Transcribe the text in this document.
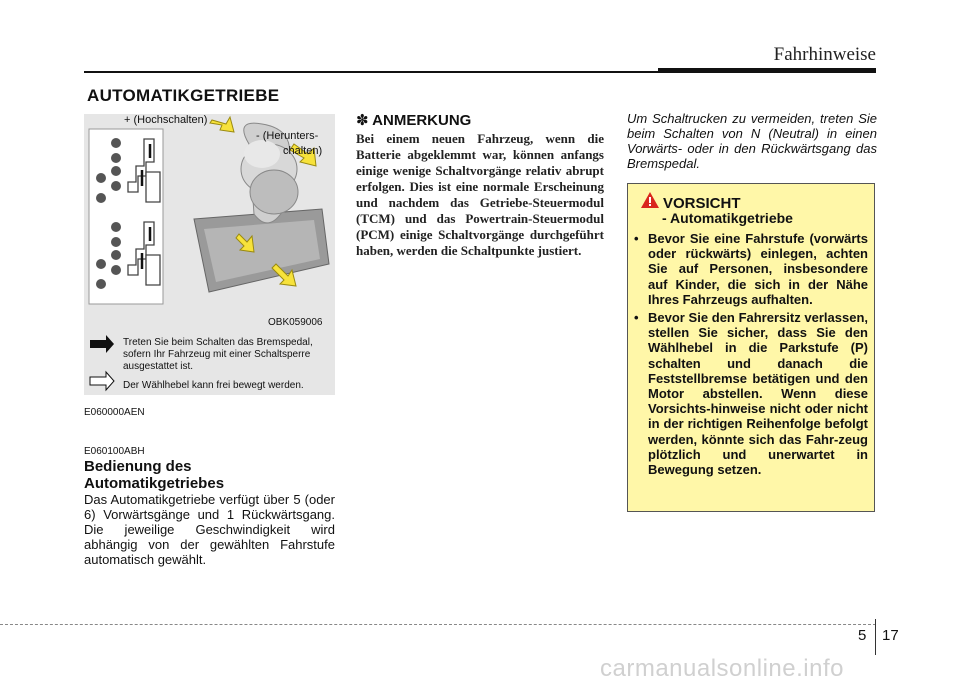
Fahrhinweise
AUTOMATIKGETRIEBE
+ (Hochschalten)
- (Herunters-
chalten)
OBK059006
Treten Sie beim Schalten das Bremspedal, sofern Ihr Fahrzeug mit einer Schaltsperre ausgestattet ist.
Der Wählhebel kann frei bewegt werden.
E060000AEN
E060100ABH
Bedienung des Automatikgetriebes
Das Automatikgetriebe verfügt über 5 (oder 6) Vorwärtsgänge und 1 Rückwärtsgang. Die jeweilige Geschwindigkeit wird abhängig von der gewählten Fahrstufe automatisch gewählt.
✽ ANMERKUNG
Bei einem neuen Fahrzeug, wenn die Batterie abgeklemmt war, können anfangs einige wenige Schaltvorgänge relativ abrupt erfolgen. Dies ist eine normale Erscheinung und nachdem das Getriebe-Steuermodul (TCM) und das Powertrain-Steuermodul (PCM) einige Schaltvorgänge durchgeführt haben, werden die Schaltpunkte justiert.
Um Schaltrucken zu vermeiden, treten Sie beim Schalten von N (Neutral) in einen Vorwärts- oder in den Rückwärtsgang das Bremspedal.
VORSICHT
- Automatikgetriebe
• Bevor Sie eine Fahrstufe (vorwärts oder rückwärts) einlegen, achten Sie auf Personen, insbesondere auf Kinder, die sich in der Nähe Ihres Fahrzeugs aufhalten.
• Bevor Sie den Fahrersitz verlassen, stellen Sie sicher, dass Sie den Wählhebel in die Parkstufe (P) schalten und danach die Feststellbremse betätigen und den Motor abstellen. Wenn diese Vorsichts-hinweise nicht oder nicht in der richtigen Reihenfolge befolgt werden, könnte sich das Fahr-zeug plötzlich und unerwartet in Bewegung setzen.
5 17
carmanualsonline.info
